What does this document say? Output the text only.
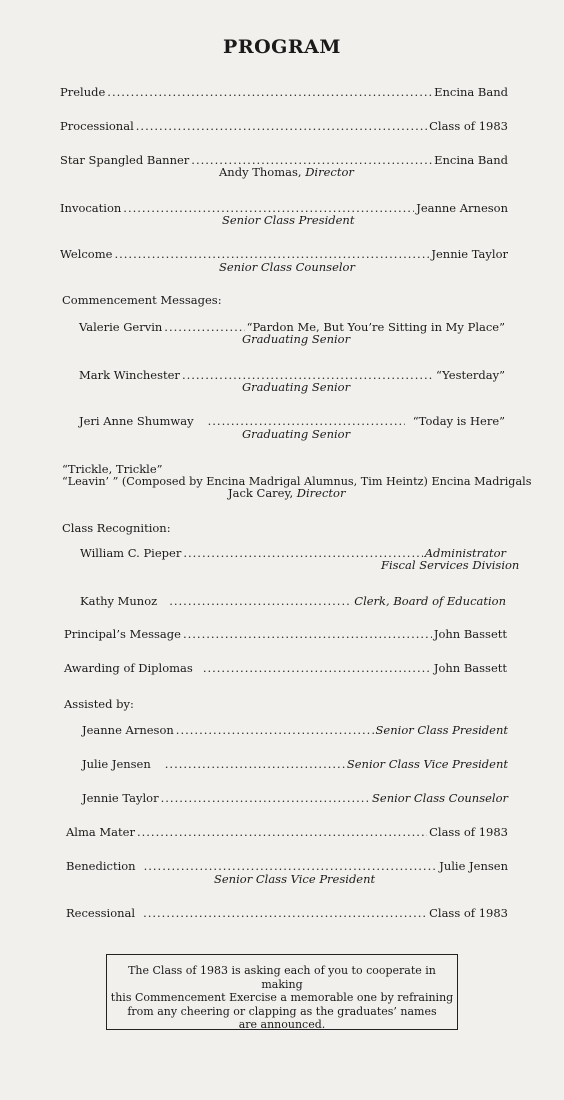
PROGRAM
Prelude .....	Encina Band
Processional .....	Class of 1983
Star Spangled Banner .....	Encina Band
Andy Thomas, Director
Invocation .....	Jeanne Arneson
Senior Class President
Welcome .....	Jennie Taylor
Senior Class Counselor
Commencement Messages:
Valerie Gervin .....	“Pardon Me, But You’re Sitting in My Place”
Graduating Senior
Mark Winchester .....	“Yesterday”
Graduating Senior
Jeri Anne Shumway .....	“Today is Here”
Graduating Senior
“Trickle, Trickle”
“Leavin’ ” (Composed by Encina Madrigal Alumnus, Tim Heintz) Encina Madrigals
Jack Carey, Director
Class Recognition:
William C. Pieper .....	Administrator
Fiscal Services Division
Kathy Munoz .....	Clerk, Board of Education
Principal’s Message .....	John Bassett
Awarding of Diplomas .....	John Bassett
Assisted by:
Jeanne Arneson .....	Senior Class President
Julie Jensen .....	Senior Class Vice President
Jennie Taylor .....	Senior Class Counselor
Alma Mater .....	Class of 1983
Benediction .....	Julie Jensen
Senior Class Vice President
Recessional .....	Class of 1983
The Class of 1983 is asking each of you to cooperate in making
this Commencement Exercise a memorable one by refraining
from any cheering or clapping as the graduates’ names
are announced.
